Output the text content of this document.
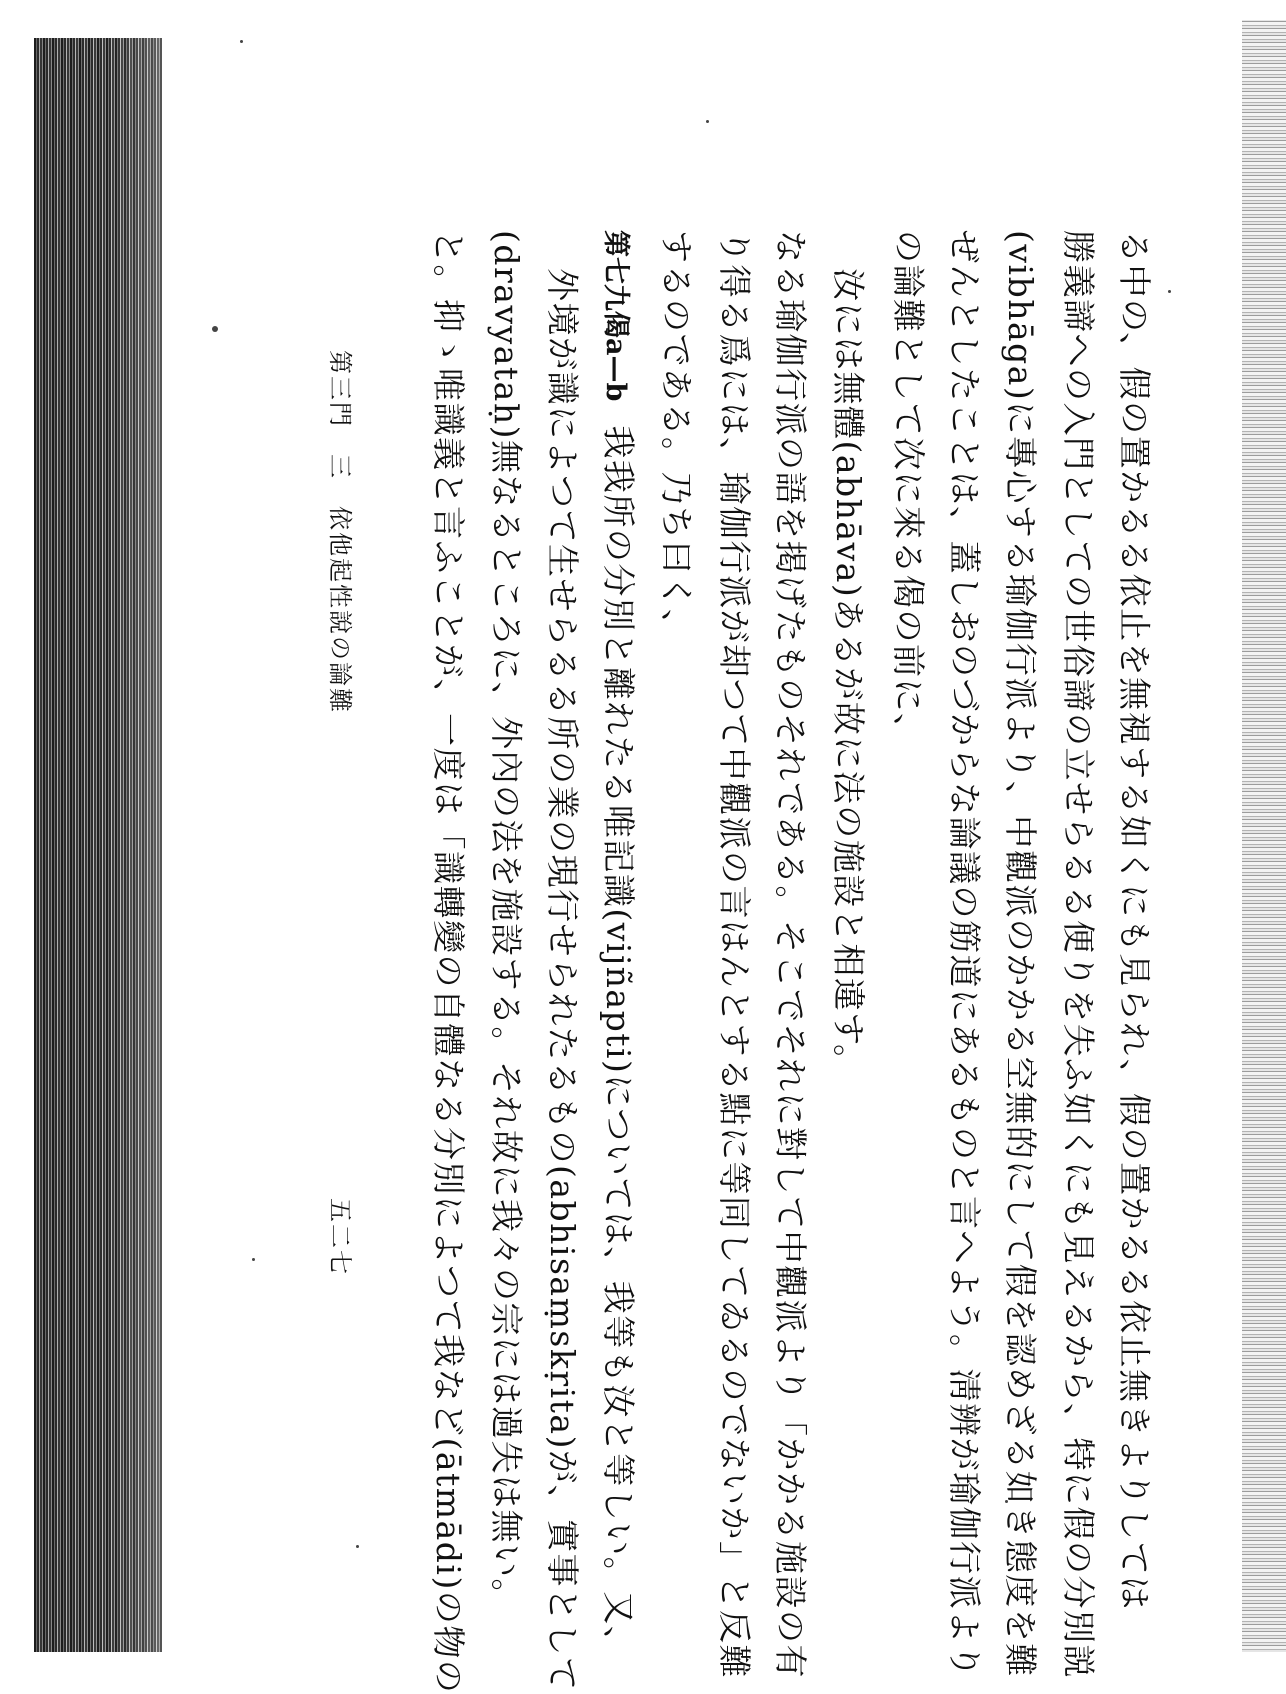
る中の、假の置かるる依止を無視する如くにも見られ、假の置かるる依止無きよりしては
勝義諦への入門としての世俗諦の立せらるる便りを失ふ如くにも見えるから、特に假の分別説
(vibhāga)に專心する瑜伽行派より、中觀派のかかる空無的にして假を認めざる如き態度を難
ぜんとしたことは、蓋しおのづからな論議の筋道にあるものと言へよう。淸辨が瑜伽行派より
の論難として次に來る偈の前に、
汝には無體(abhāva)あるが故に法の施設と相違す。
なる瑜伽行派の語を掲げたものそれである。そこでそれに對して中觀派より「かかる施設の有
り得る爲には、瑜伽行派が却つて中觀派の言はんとする點に等同してゐるのでないか」と反難
するのである。乃ち曰く、
第七九偈a—b我我所の分別と離れたる唯記識(vijñapti)については、我等も汝と等しい。又、
外境が識によつて生せらるる所の業の現行せられたるもの(abhisaṃskṛita)が、實事として
(dravyataḥ)無なるところに、外內の法を施設する。それ故に我々の宗には過失は無い。
と。抑ゝ唯識義と言ふことが、一度は「識轉變の自體なる分別によつて我など(ātmādi)の物の
第三門　三　依他起性說の論難
五二七
